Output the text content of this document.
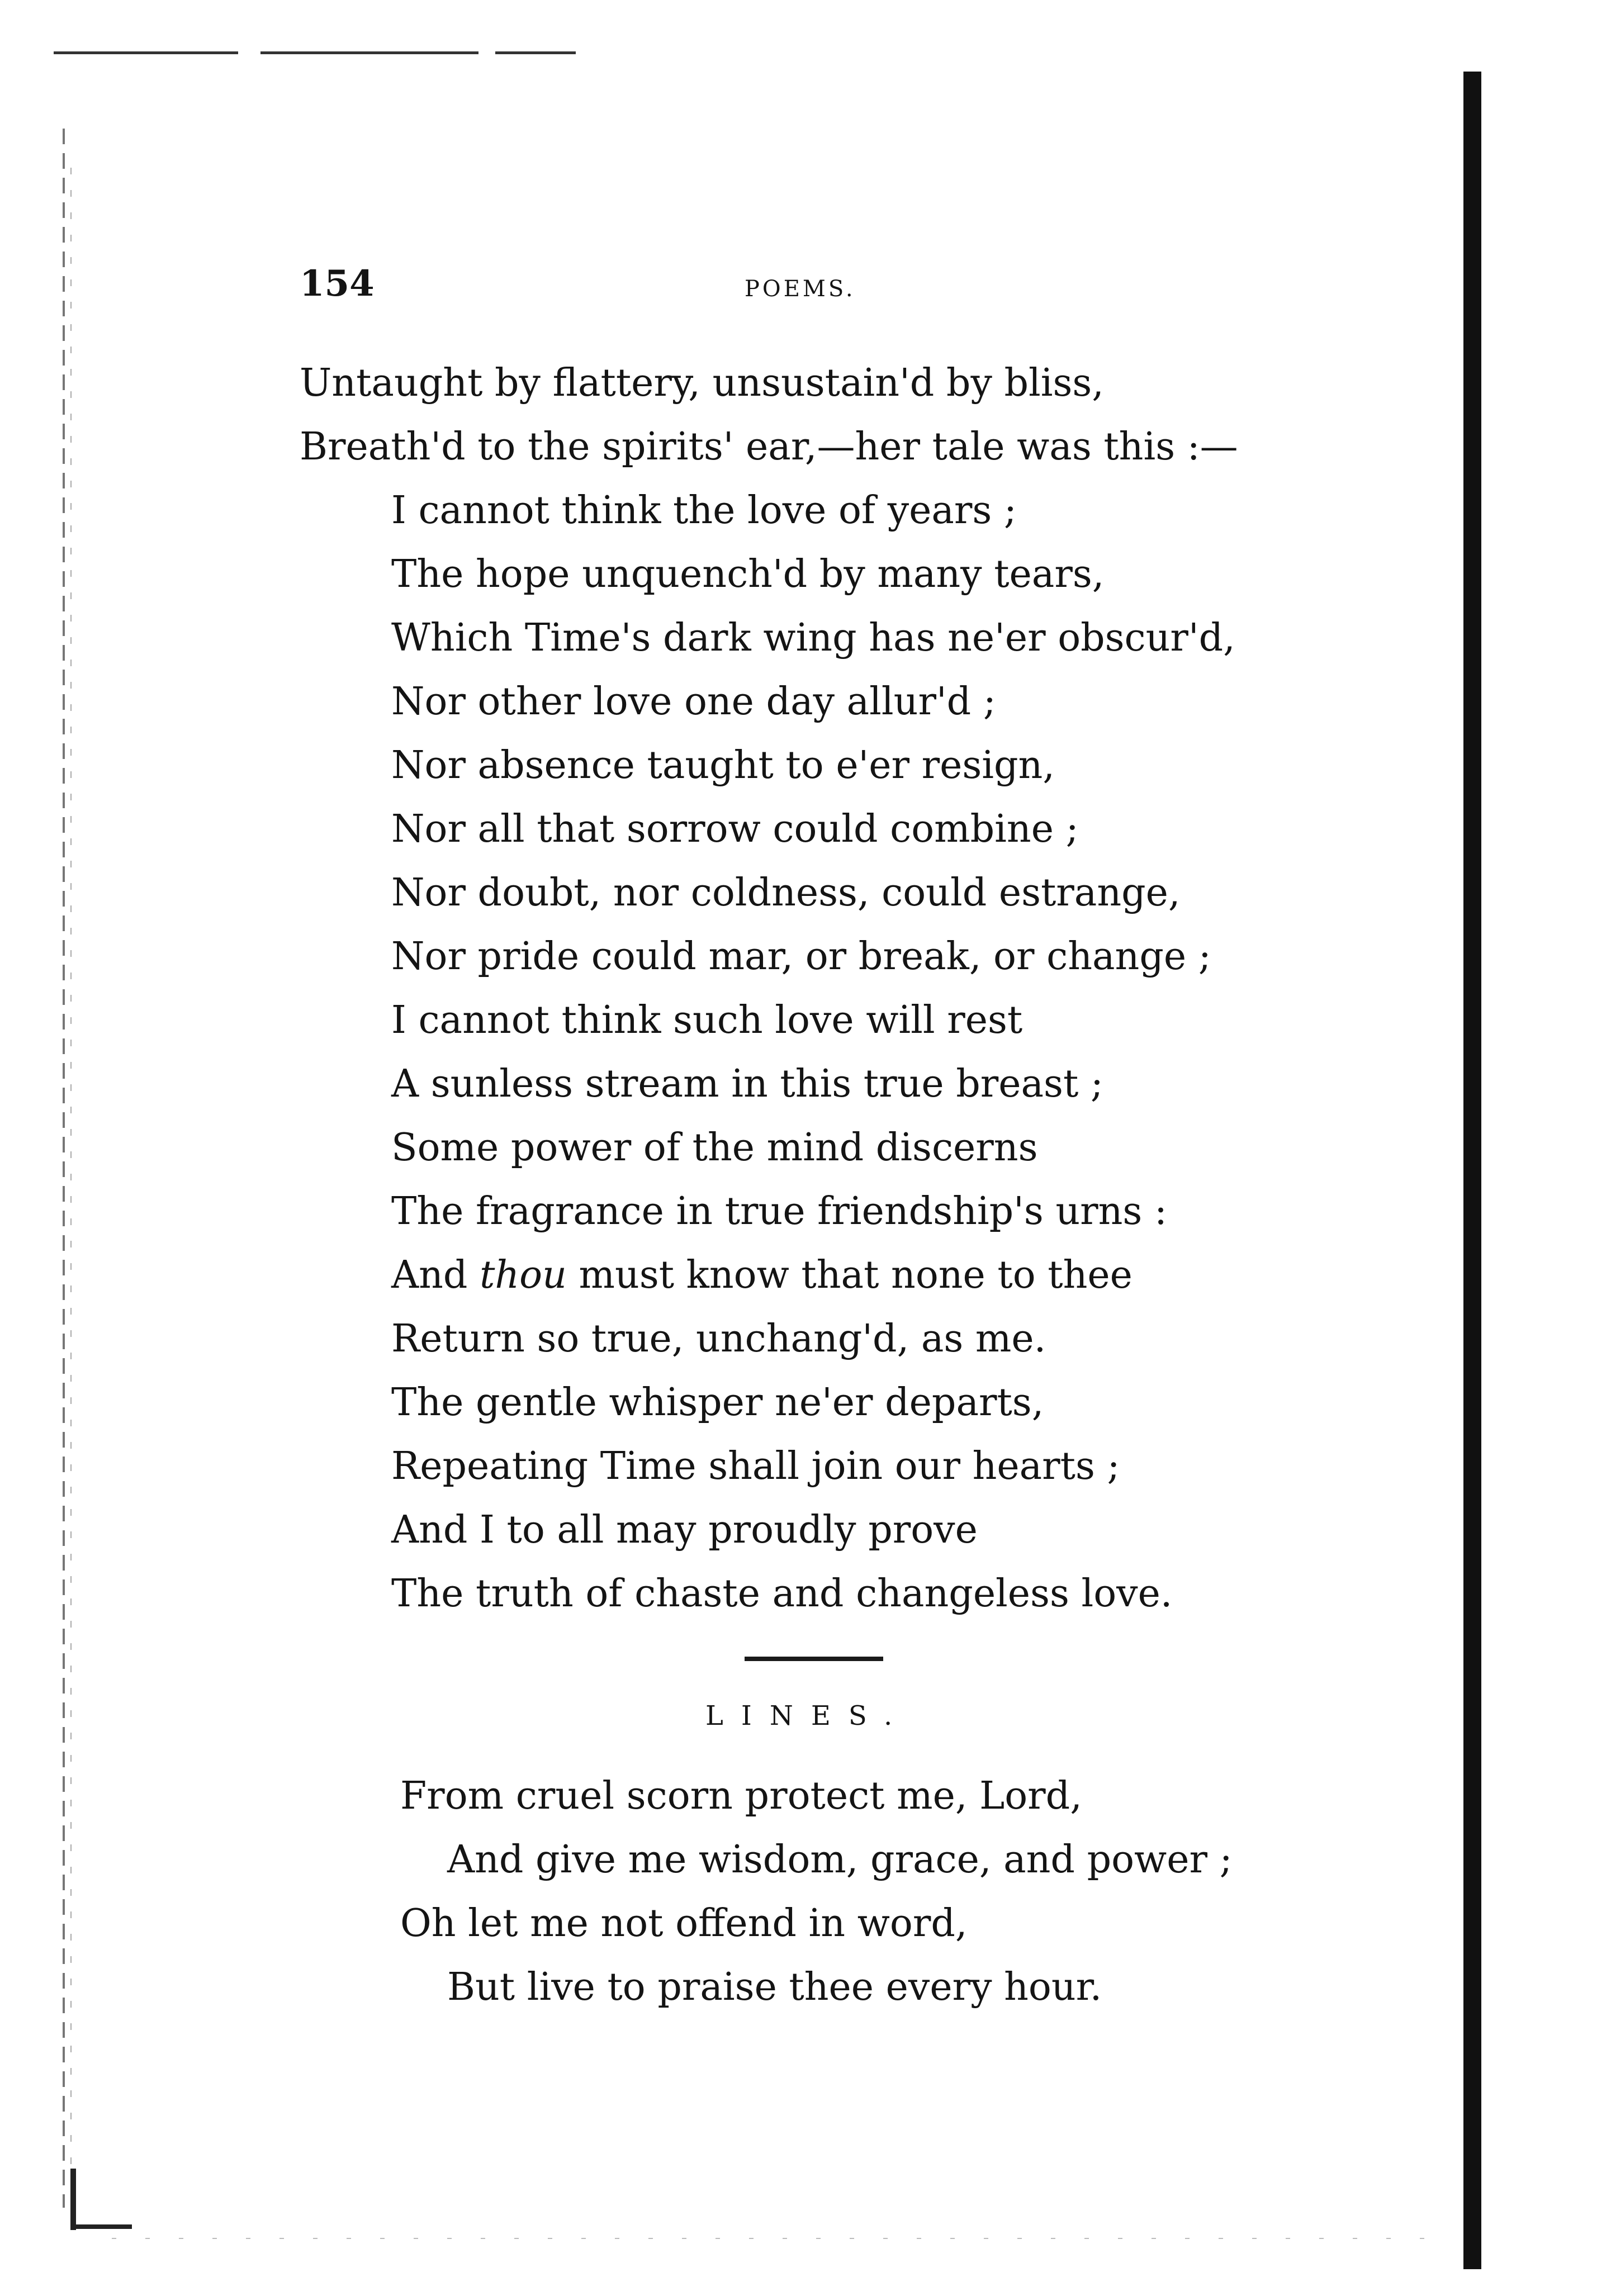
154	POEMS.
Untaught by flattery, unsustain'd by bliss,
Breath'd to the spirits' ear,—her tale was this :—
I cannot think the love of years ;
The hope unquench'd by many tears,
Which Time's dark wing has ne'er obscur'd,
Nor other love one day allur'd ;
Nor absence taught to e'er resign,
Nor all that sorrow could combine ;
Nor doubt, nor coldness, could estrange,
Nor pride could mar, or break, or change ;
I cannot think such love will rest
A sunless stream in this true breast ;
Some power of the mind discerns
The fragrance in true friendship's urns :
And thou must know that none to thee
Return so true, unchang'd, as me.
The gentle whisper ne'er departs,
Repeating Time shall join our hearts ;
And I to all may proudly prove
The truth of chaste and changeless love.
LINES.
From cruel scorn protect me, Lord,
And give me wisdom, grace, and power ;
Oh let me not offend in word,
But live to praise thee every hour.
